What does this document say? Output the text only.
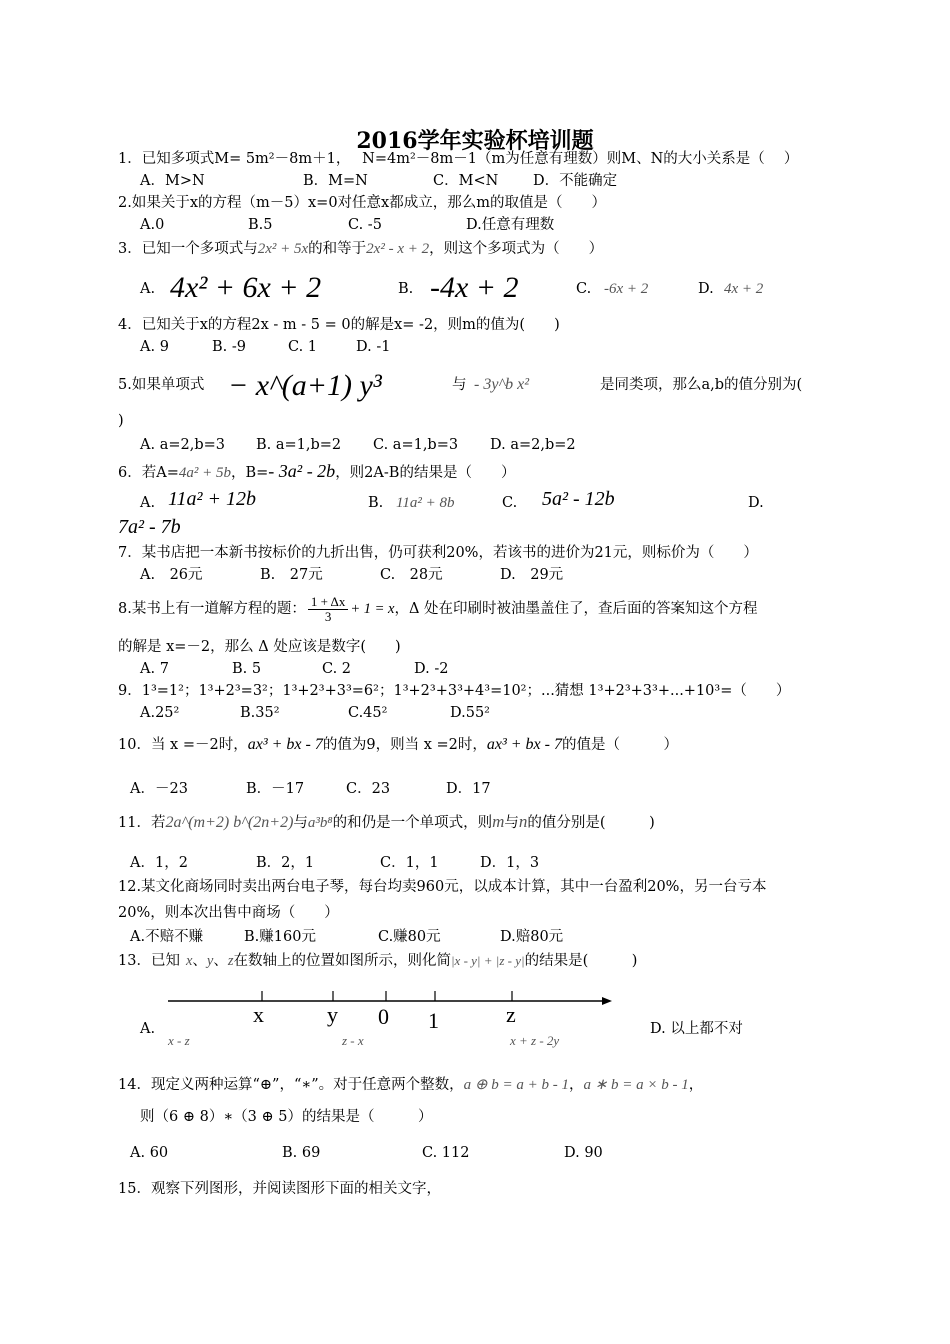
2016学年实验杯培训题
1．已知多项式M= 5m²－8m＋1，　 N=4m²－8m－1（m为任意有理数）则M、N的大小关系是（　 ）
A．M>N	B．M=N	C．M<N D．不能确定
2.如果关于x的方程（m－5）x=0对任意x都成立，那么m的取值是（　　）
A.0	B.5	C. -5	D.任意有理数
3．已知一个多项式与2x² + 5x的和等于2x² - x + 2，则这个多项式为（　　）
A. 4x² + 6x + 2	B. -4x + 2	C. -6x + 2	D. 4x + 2
4．已知关于x的方程2x - m - 5 = 0的解是x= -2，则m的值为(　　)
A. 9	B. -9	C. 1	D. -1
5.如果单项式 − x^(a+1) y³	与 - 3y^b x²	是同类项，那么a,b的值分别为(
)
A. a=2,b=3 B. a=1,b=2 C. a=1,b=3 D. a=2,b=2
6．若A=4a² + 5b，B=- 3a² - 2b，则2A-B的结果是（　　）
A. 11a² + 12b	B. 11a² + 8b	C. 5a² - 12b	D.
7a² - 7b
7．某书店把一本新书按标价的九折出售，仍可获利20%，若该书的进价为21元，则标价为（　　）
A.　26元	B.　27元	C.　28元	D.　29元
8.某书上有一道解方程的题： $\frac{1 + \Delta x}{3} + 1 = x$，Δ 处在印刷时被油墨盖住了，查后面的答案知这个方程
的解是 x=－2，那么 Δ 处应该是数字(　　)
A. 7	B. 5	C. 2	D. -2
9．1³=1²；1³+2³=3²；1³+2³+3³=6²；1³+2³+3³+4³=10²；...猜想 1³+2³+3³+...+10³=（　　）
A.25²	B.35²	C.45²	D.55²
10．当 x =－2时，ax³ + bx - 7的值为9，则当 x =2时，ax³ + bx - 7的值是（　　　）
A．－23	B．－17	C．23	D．17
11．若2a^(m+2) b^(2n+2)与a³b⁸的和仍是一个单项式，则m与n的值分别是(　　　)
A．1，2	B．2，1	C．1，1	D．1，3
12.某文化商场同时卖出两台电子琴，每台均卖960元，以成本计算，其中一台盈利20%，另一台亏本
20%，则本次出售中商场（　　）
A.不赔不赚	B.赚160元	C.赚80元	D.赔80元
13．已知 x、y、z在数轴上的位置如图所示，则化简|x - y| + |z - y|的结果是(　　　)
x	y 0 1	z
A.
x - z	z - x	x + z - 2y
D. 以上都不对
14．现定义两种运算“⊕”，“∗”。对于任意两个整数，a ⊕ b = a + b - 1，a ∗ b = a × b - 1，
则（6 ⊕ 8）∗（3 ⊕ 5）的结果是（　　　）
A. 60	B. 69	C. 112	D. 90
15．观察下列图形，并阅读图形下面的相关文字，
